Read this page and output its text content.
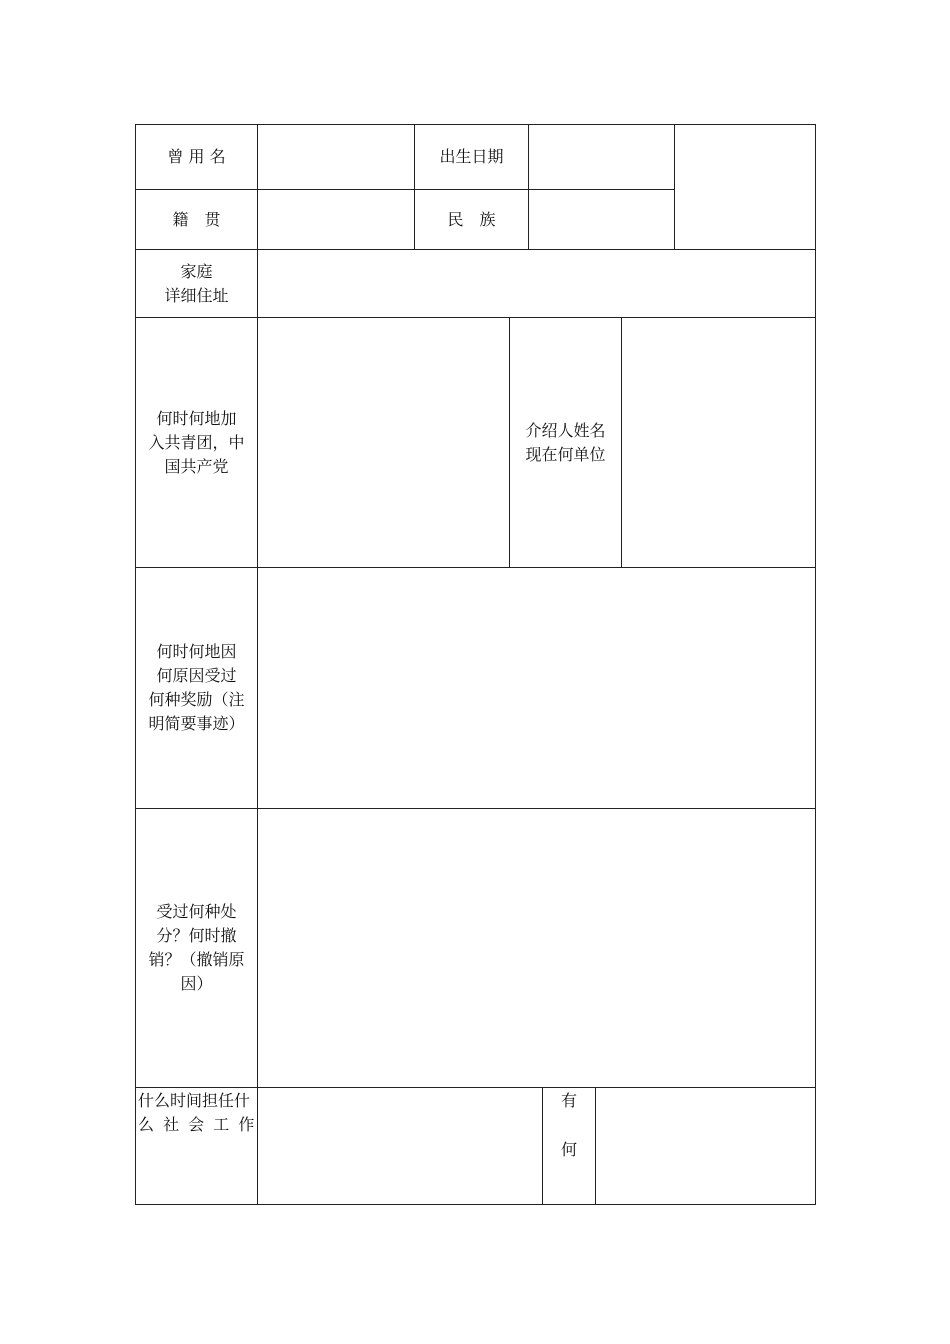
曾 用 名	出生日期
籍　贯	民　族
家庭
详细住址
何时何地加
入共青团，中
国共产党
介绍人姓名
现在何单位
何时何地因
何原因受过
何种奖励（注
明简要事迹）
受过何种处
分？何时撤
销？（撤销原
因）
什么时间担任什
么 社 会 工 作
有
何
